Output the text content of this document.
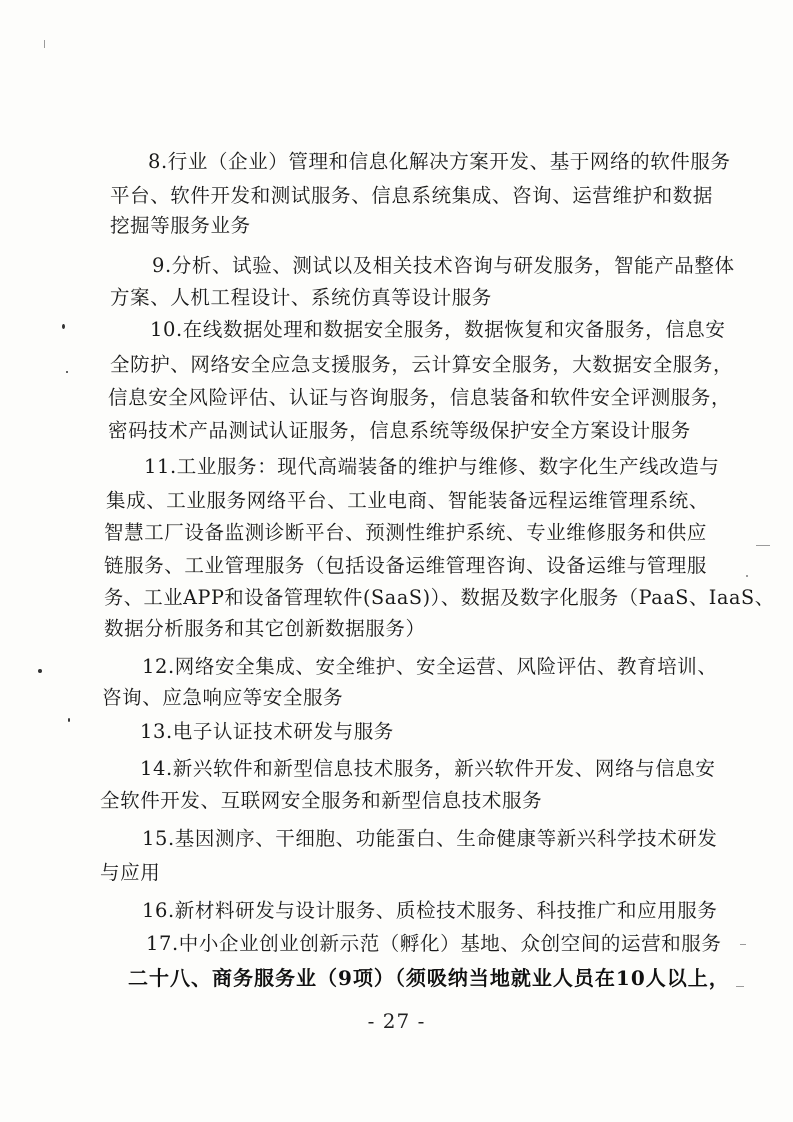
8.行业（企业）管理和信息化解决方案开发、基于网络的软件服务
平台、软件开发和测试服务、信息系统集成、咨询、运营维护和数据
挖掘等服务业务
9.分析、试验、测试以及相关技术咨询与研发服务，智能产品整体
方案、人机工程设计、系统仿真等设计服务
10.在线数据处理和数据安全服务，数据恢复和灾备服务，信息安
全防护、网络安全应急支援服务，云计算安全服务，大数据安全服务，
信息安全风险评估、认证与咨询服务，信息装备和软件安全评测服务，
密码技术产品测试认证服务，信息系统等级保护安全方案设计服务
11.工业服务：现代高端装备的维护与维修、数字化生产线改造与
集成、工业服务网络平台、工业电商、智能装备远程运维管理系统、
智慧工厂设备监测诊断平台、预测性维护系统、专业维修服务和供应
链服务、工业管理服务（包括设备运维管理咨询、设备运维与管理服
务、工业APP和设备管理软件(SaaS)）、数据及数字化服务（PaaS、IaaS、
数据分析服务和其它创新数据服务）
12.网络安全集成、安全维护、安全运营、风险评估、教育培训、
咨询、应急响应等安全服务
13.电子认证技术研发与服务
14.新兴软件和新型信息技术服务，新兴软件开发、网络与信息安
全软件开发、互联网安全服务和新型信息技术服务
15.基因测序、干细胞、功能蛋白、生命健康等新兴科学技术研发
与应用
16.新材料研发与设计服务、质检技术服务、科技推广和应用服务
17.中小企业创业创新示范（孵化）基地、众创空间的运营和服务
二十八、商务服务业（9项）（须吸纳当地就业人员在10人以上，
- 27 -
